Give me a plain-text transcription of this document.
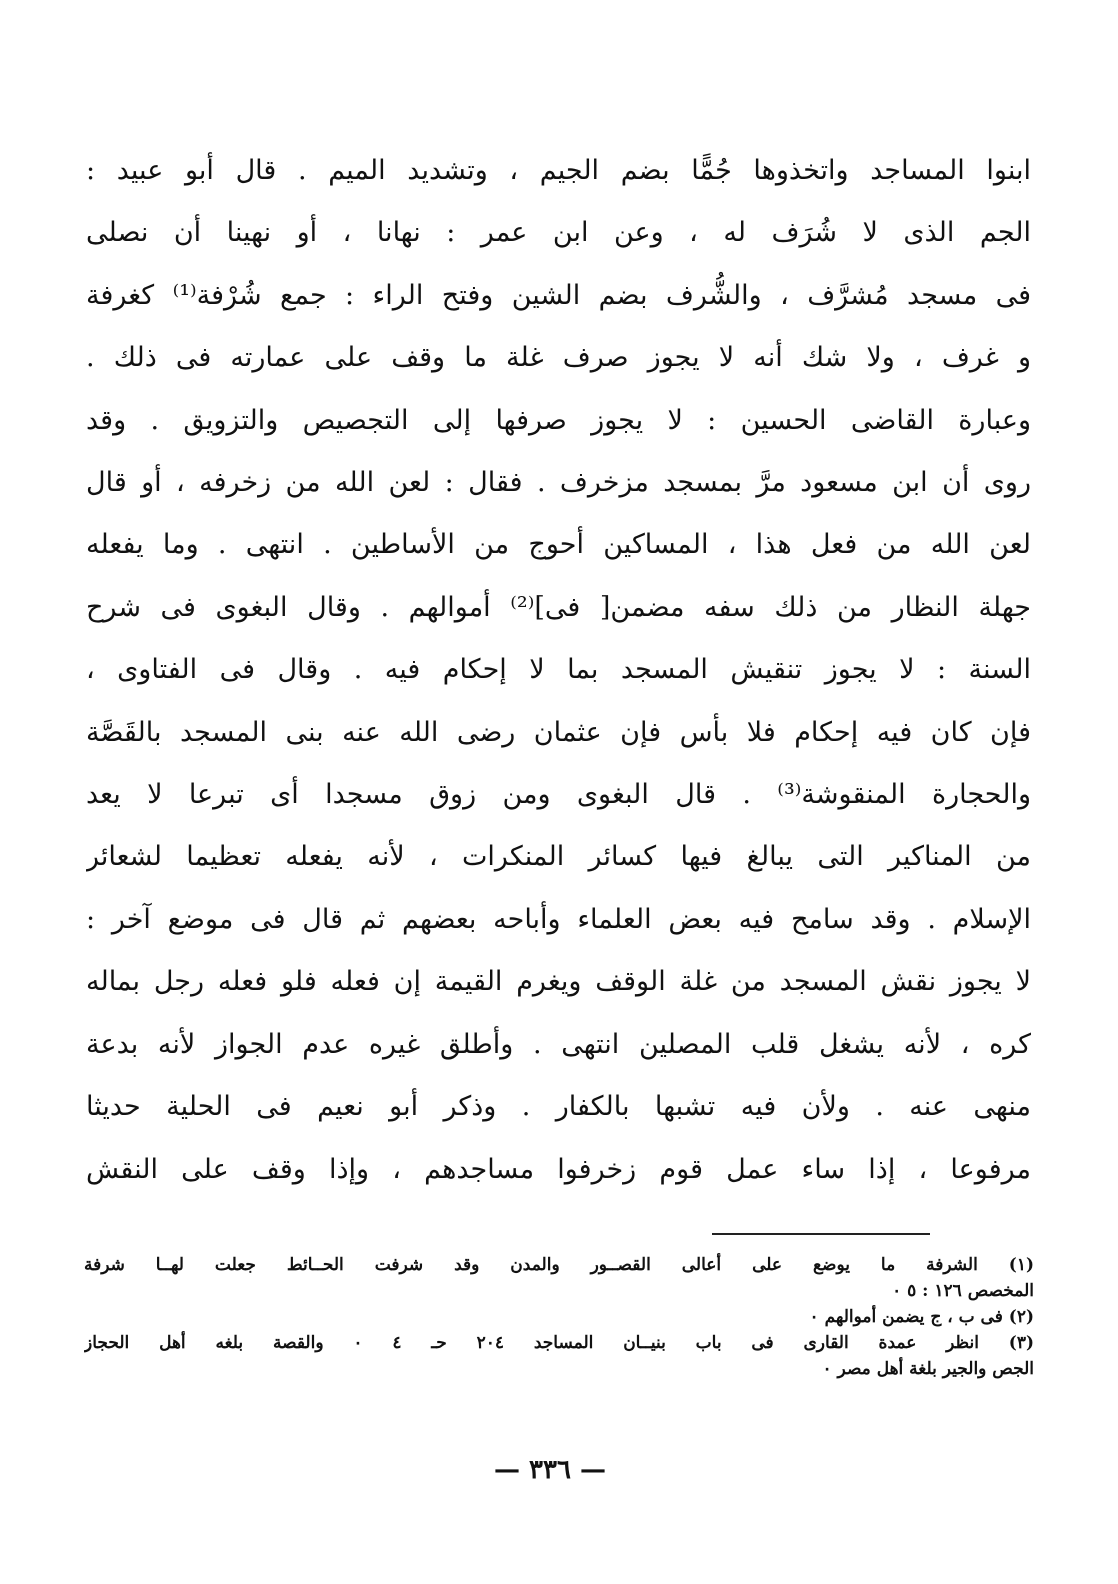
ابنوا المساجد واتخذوها جُمًّا بضم الجيم ، وتشديد الميم . قال أبو عبيد :
الجم الذى لا شُرَف له ، وعن ابن عمر : نهانا ، أو نهينا أن نصلى
فى مسجد مُشرَّف ، والشُّرف بضم الشين وفتح الراء : جمع شُرْفة⁽¹⁾ كغرفة
و غرف ، ولا شك أنه لا يجوز صرف غلة ما وقف على عمارته فى ذلك .
وعبارة القاضى الحسين : لا يجوز صرفها إلى التجصيص والتزويق . وقد
روى أن ابن مسعود مرَّ بمسجد مزخرف . فقال : لعن الله من زخرفه ، أو قال
لعن الله من فعل هذا ، المساكين أحوج من الأساطين . انتهى . وما يفعله
جهلة النظار من ذلك سفه مضمن[ فى]⁽²⁾ أموالهم . وقال البغوى فى شرح
السنة : لا يجوز تنقيش المسجد بما لا إحكام فيه . وقال فى الفتاوى ،
فإن كان فيه إحكام فلا بأس فإن عثمان رضى الله عنه بنى المسجد بالقَصَّة
والحجارة المنقوشة⁽³⁾ . قال البغوى ومن زوق مسجدا أى تبرعا لا يعد
من المناكير التى يبالغ فيها كسائر المنكرات ، لأنه يفعله تعظيما لشعائر
الإسلام . وقد سامح فيه بعض العلماء وأباحه بعضهم ثم قال فى موضع آخر :
لا يجوز نقش المسجد من غلة الوقف ويغرم القيمة إن فعله فلو فعله رجل بماله
كره ، لأنه يشغل قلب المصلين انتهى . وأطلق غيره عدم الجواز لأنه بدعة
منهى عنه . ولأن فيه تشبها بالكفار . وذكر أبو نعيم فى الحلية حديثا
مرفوعا ، إذا ساء عمل قوم زخرفوا مساجدهم ، وإذا وقف على النقش
(١) الشرفة ما يوضع على أعالى القصــور والمدن وقد شرفت الحــائط جعلت لهــا شرفة
المخصص ١٢٦ : ٥ ٠
(٢) فى ب ، ج يضمن أموالهم ٠
(٣) انظر عمدة القارى فى باب بنيــان المساجد ٢٠٤ حـ ٤ ٠ والقصة بلغه أهل الحجاز
الجص والجير بلغة أهل مصر ٠
— ٣٣٦ —
